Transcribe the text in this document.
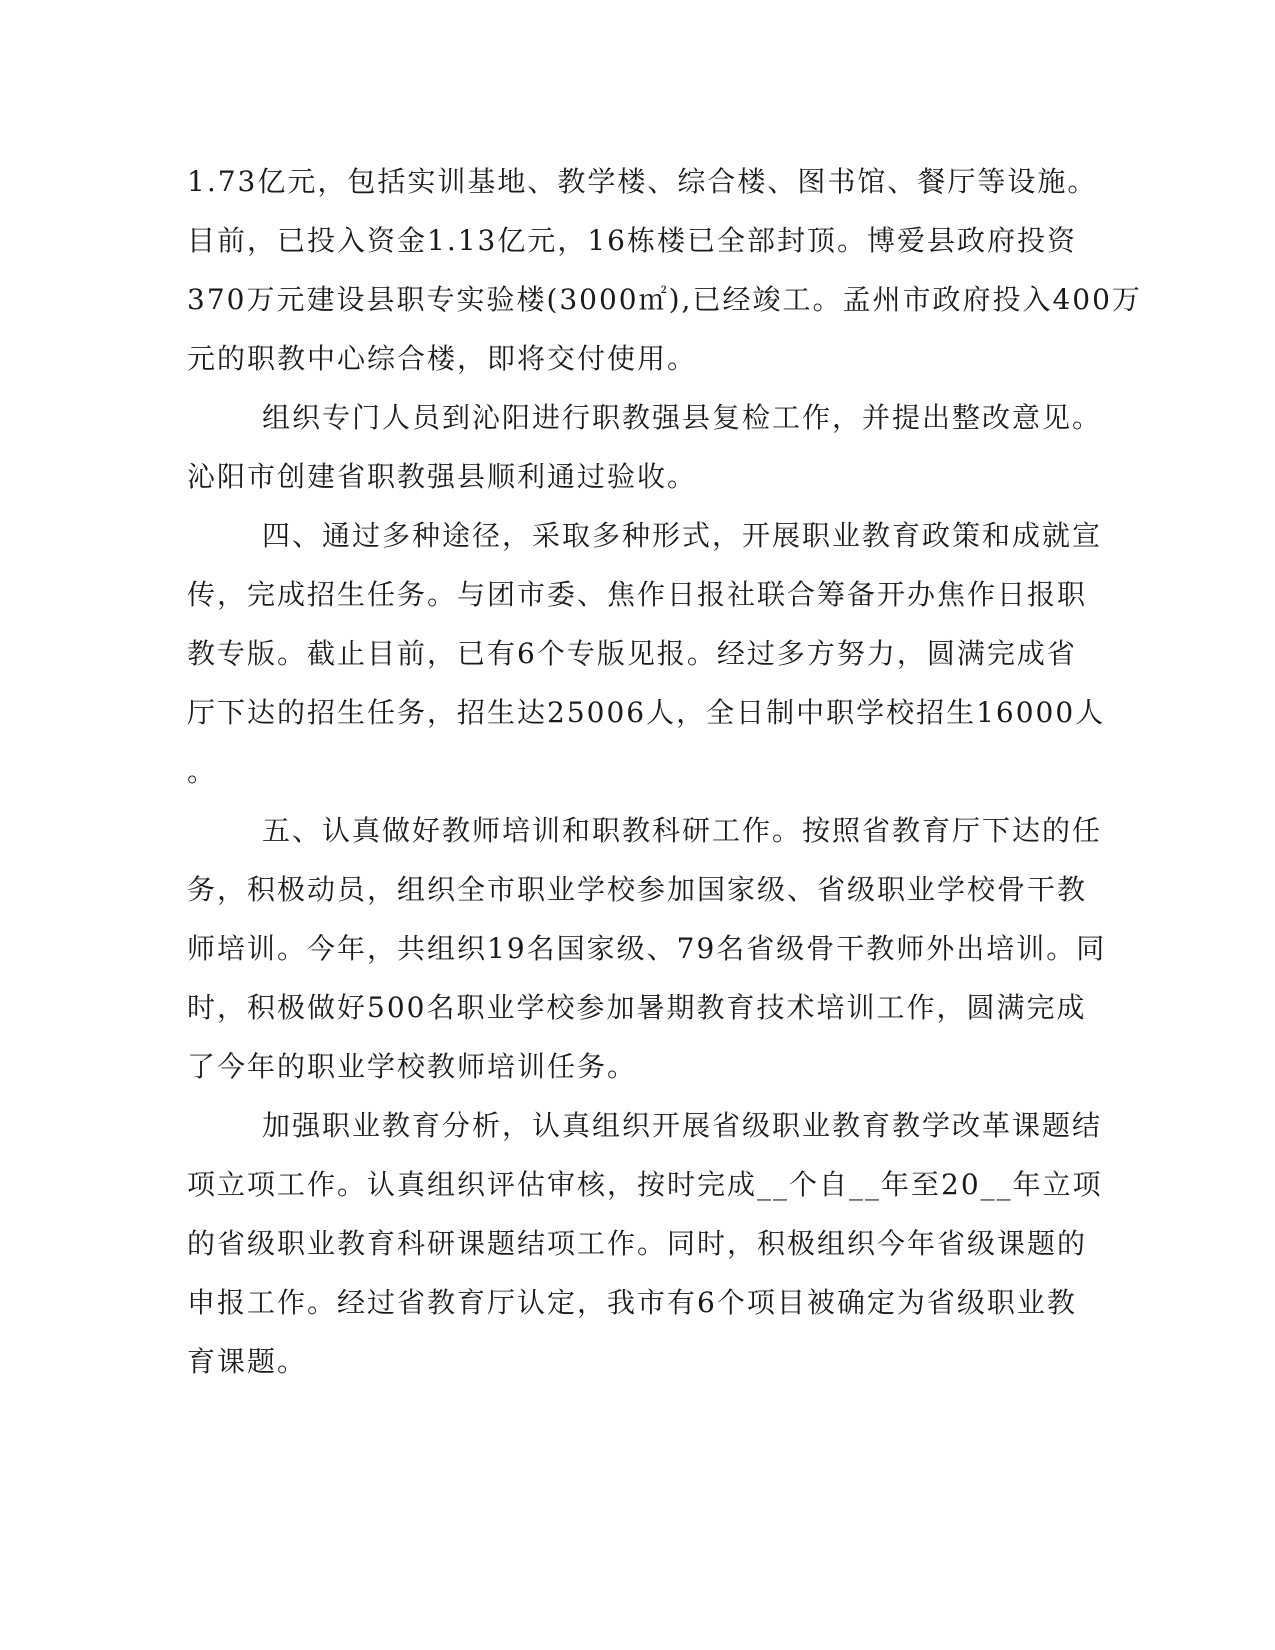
1.73亿元，包括实训基地、教学楼、综合楼、图书馆、餐厅等设施。
目前，已投入资金1.13亿元，16栋楼已全部封顶。博爱县政府投资
370万元建设县职专实验楼(3000㎡),已经竣工。孟州市政府投入400万
元的职教中心综合楼，即将交付使用。
组织专门人员到沁阳进行职教强县复检工作，并提出整改意见。
沁阳市创建省职教强县顺利通过验收。
四、通过多种途径，采取多种形式，开展职业教育政策和成就宣
传，完成招生任务。与团市委、焦作日报社联合筹备开办焦作日报职
教专版。截止目前，已有6个专版见报。经过多方努力，圆满完成省
厅下达的招生任务，招生达25006人，全日制中职学校招生16000人
。
五、认真做好教师培训和职教科研工作。按照省教育厅下达的任
务，积极动员，组织全市职业学校参加国家级、省级职业学校骨干教
师培训。今年，共组织19名国家级、79名省级骨干教师外出培训。同
时，积极做好500名职业学校参加暑期教育技术培训工作，圆满完成
了今年的职业学校教师培训任务。
加强职业教育分析，认真组织开展省级职业教育教学改革课题结
项立项工作。认真组织评估审核，按时完成__个自__年至20__年立项
的省级职业教育科研课题结项工作。同时，积极组织今年省级课题的
申报工作。经过省教育厅认定，我市有6个项目被确定为省级职业教
育课题。
